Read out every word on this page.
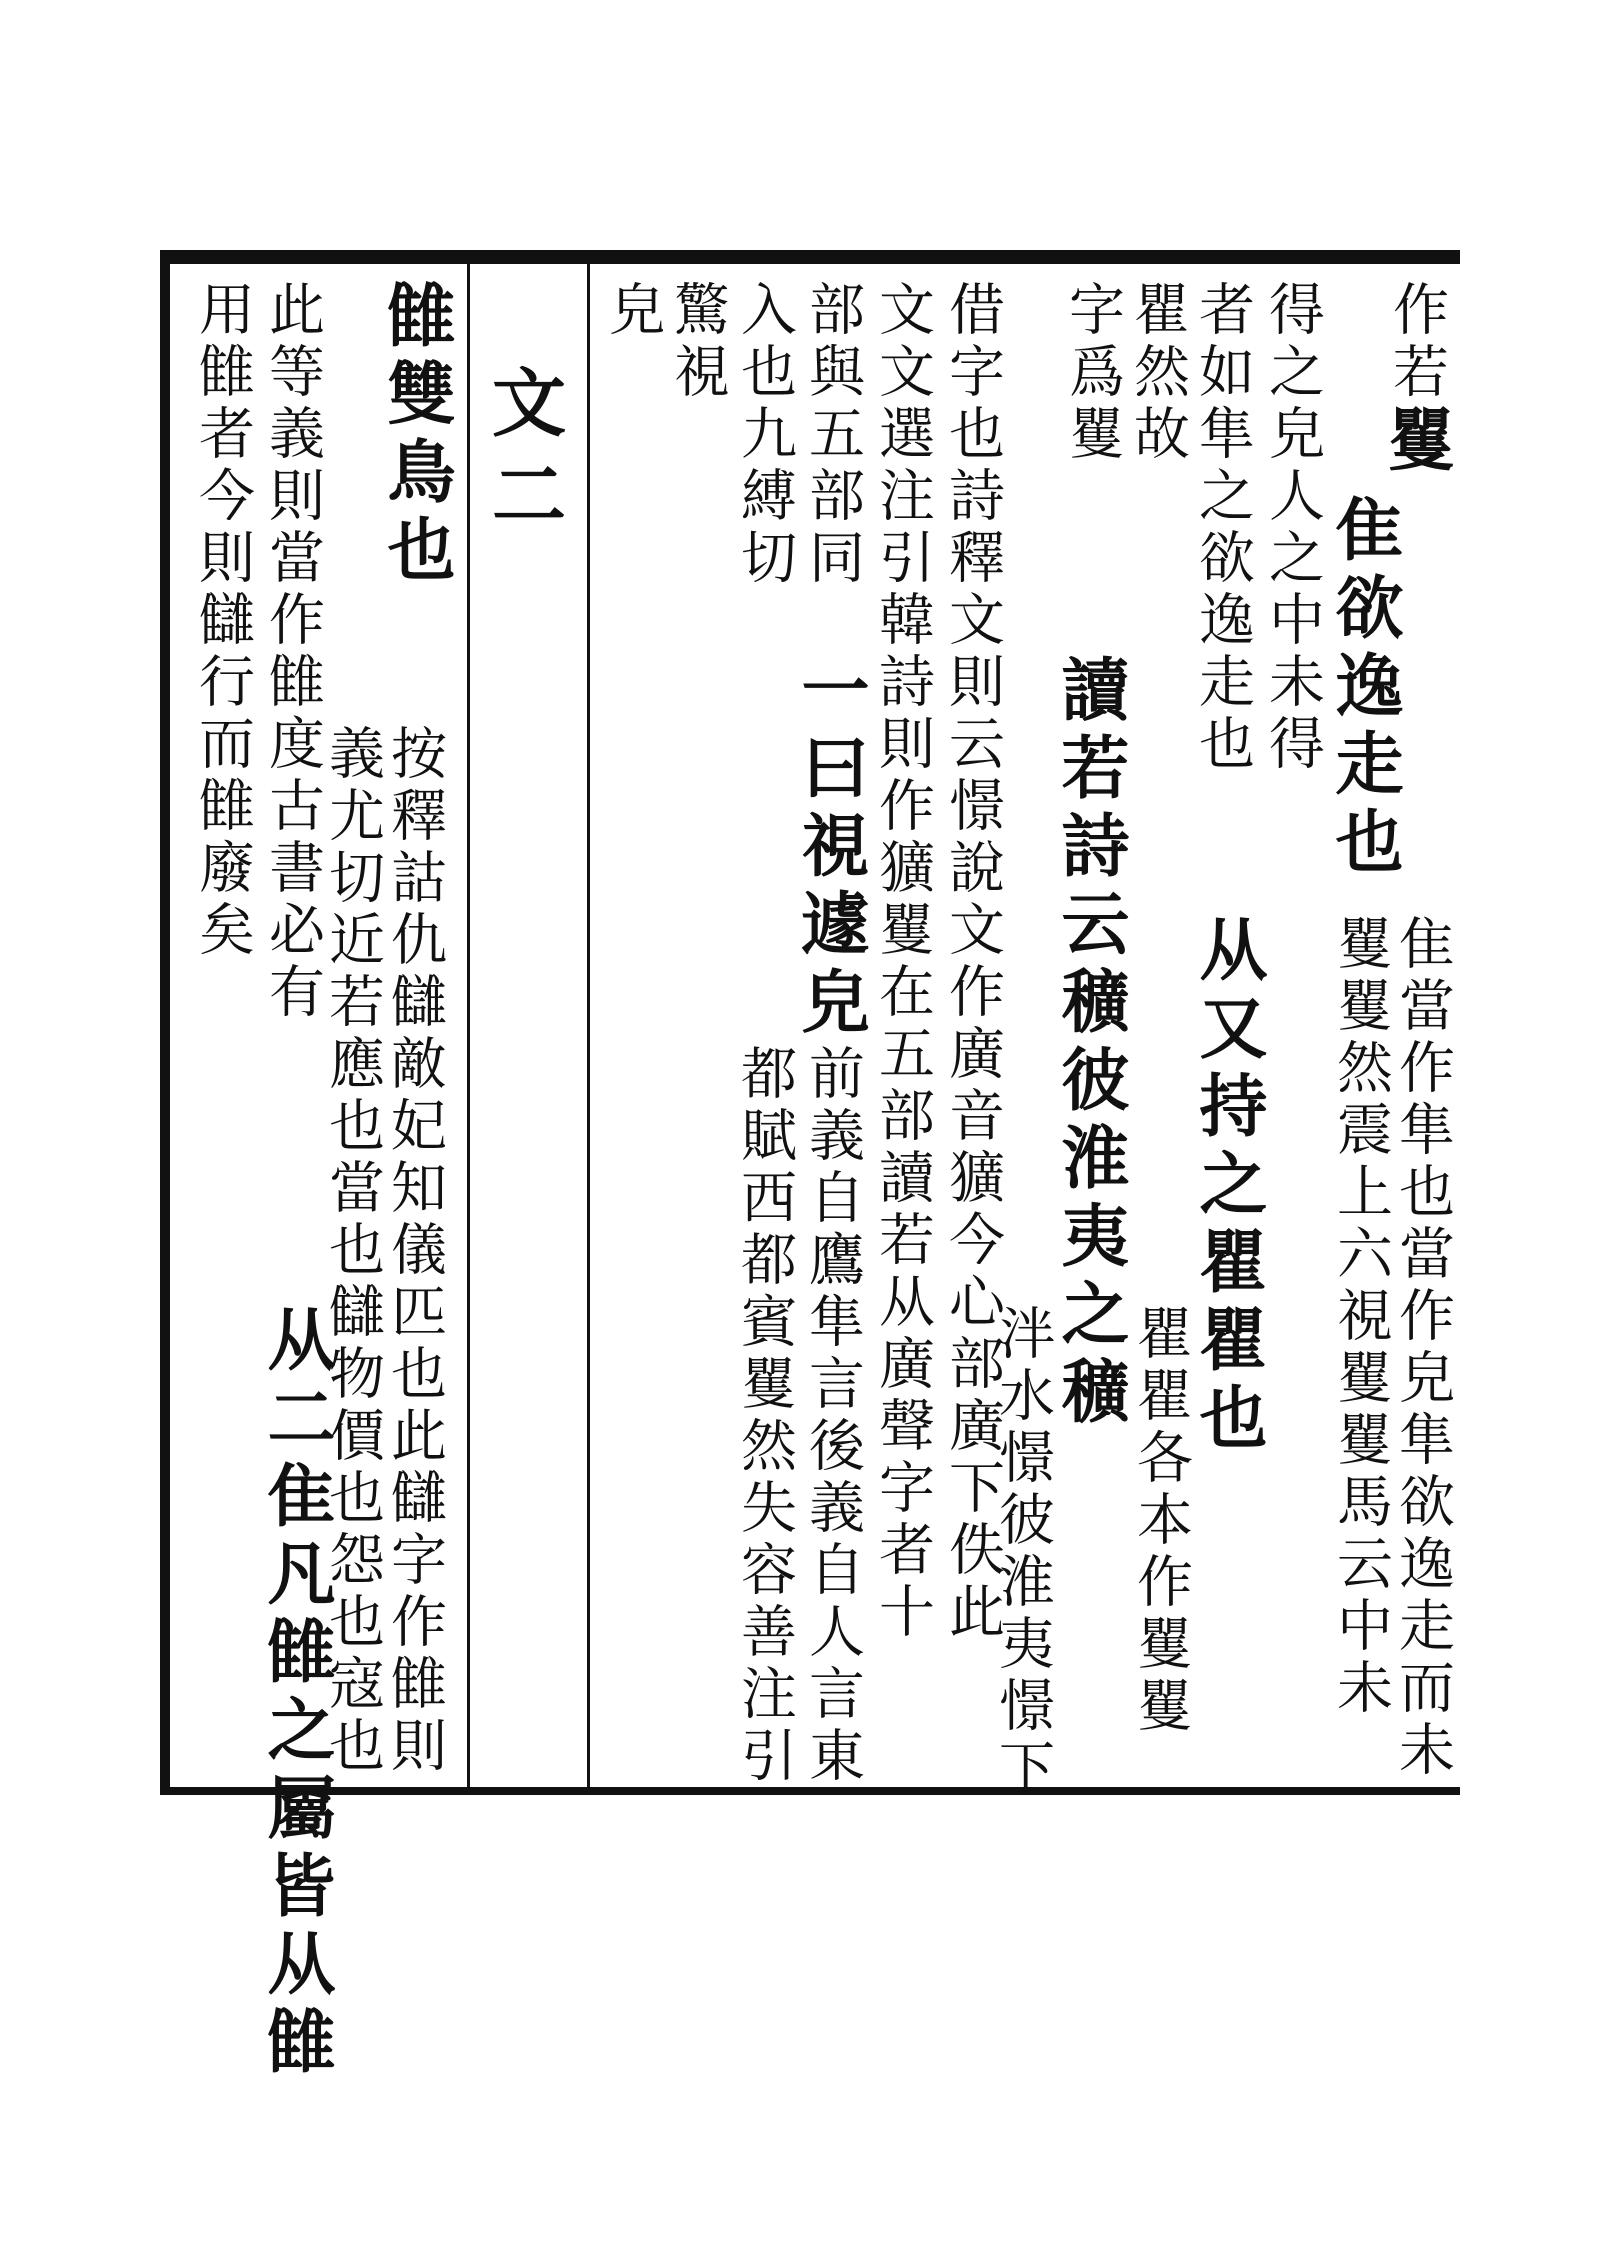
作若矍
隹欲逸走也
隹當作隼也當作皃隼欲逸走而未
矍矍然震上六視矍矍馬云中未
得之皃人之中未得
者如隼之欲逸走也
从又持之瞿瞿也
瞿然故
瞿瞿各本作矍矍
字爲矍
讀若詩云穬彼淮夷之穬
泮水憬彼淮夷憬下
借字也詩釋文則云憬說文作廣音獷今心部廣下佚此
文文選注引韓詩則作獷矍在五部讀若从廣聲字者十
部與五部同
一曰視遽皃
前義自鷹隼言後義自人言東
入也九縛切
都賦西都賓矍然失容善注引
驚視
皃
文二
雔雙鳥也
按釋詁仇讎敵妃知儀匹也此讎字作雔則
義尤切近若應也當也讎物價也怨也寇也
此等義則當作雔度古書必有
从二隹凡雔之屬皆从雔
用雔者今則讎行而雔廢矣
